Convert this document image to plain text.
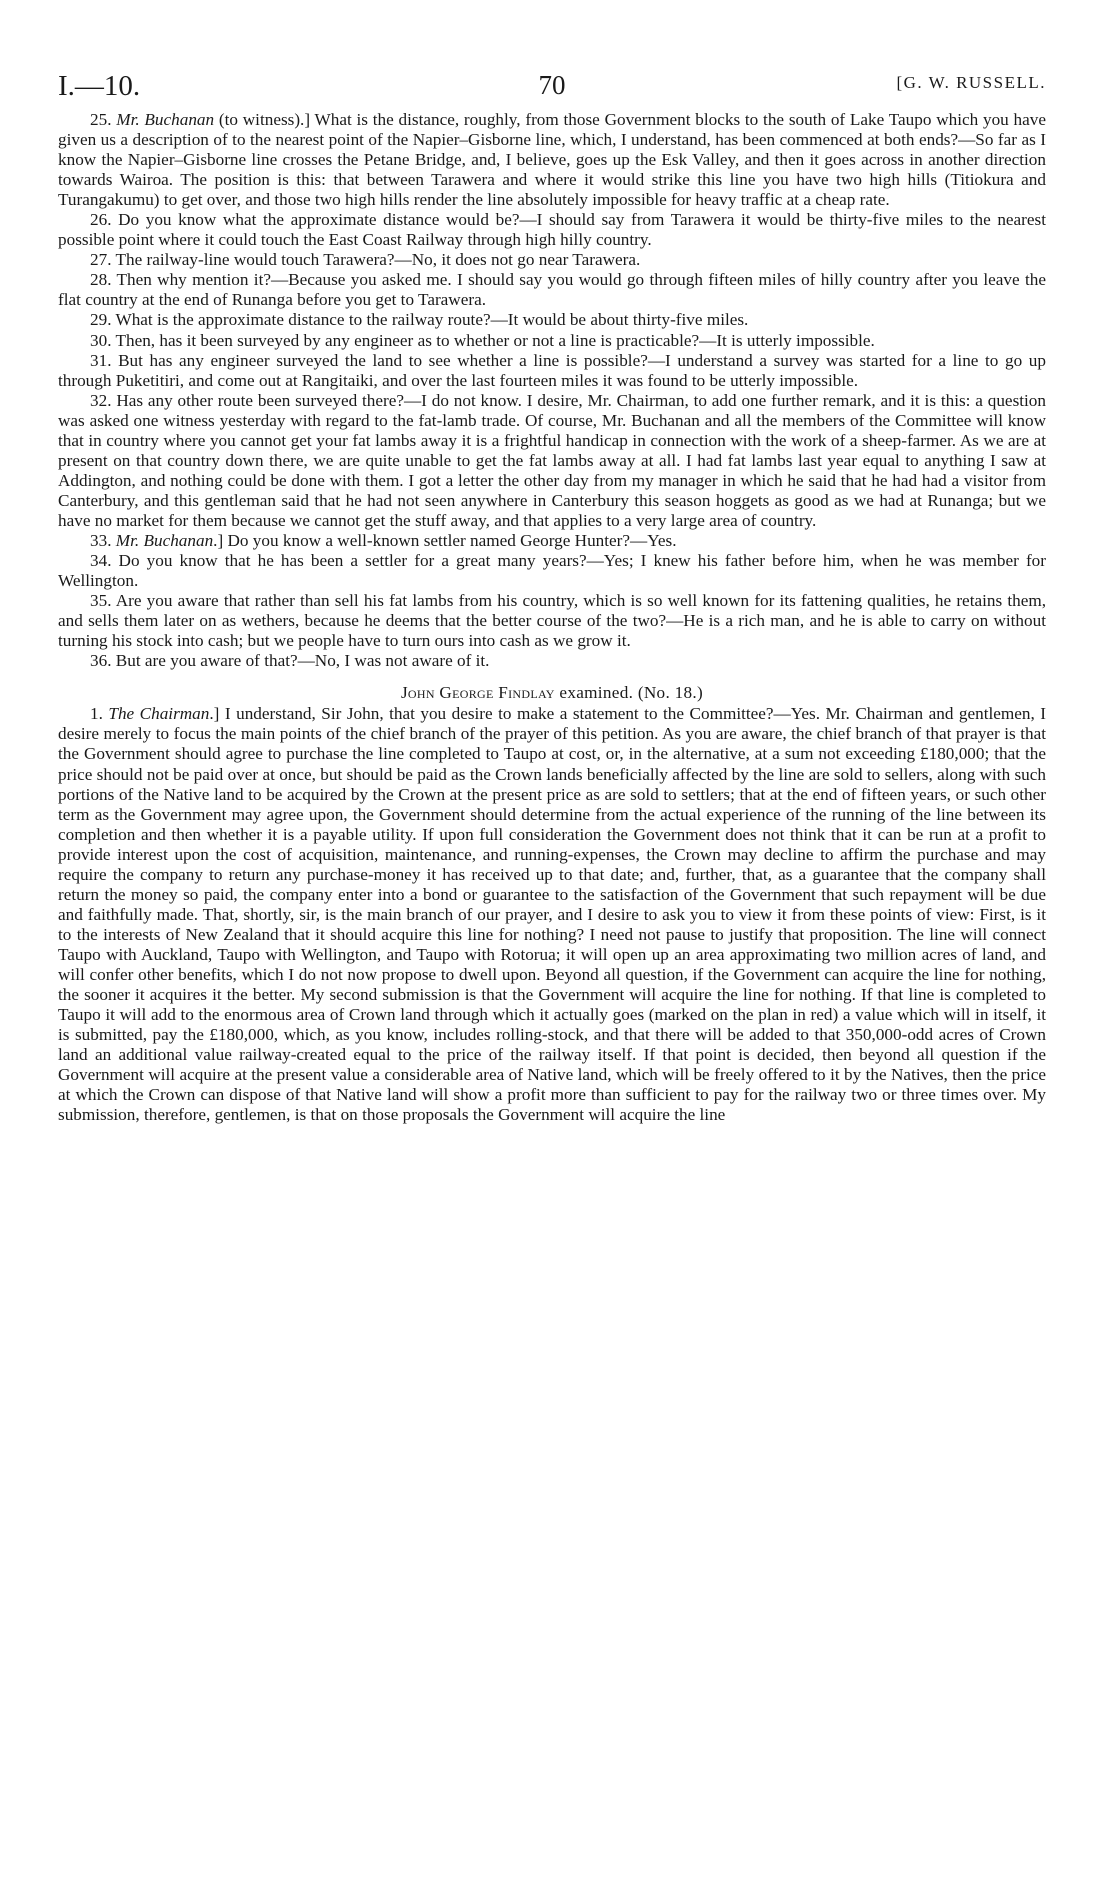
I.—10.	70	[G. W. RUSSELL.

25. Mr. Buchanan (to witness).] What is the distance, roughly, from those Government blocks to the south of Lake Taupo which you have given us a description of to the nearest point of the Napier–Gisborne line, which, I understand, has been commenced at both ends?—So far as I know the Napier–Gisborne line crosses the Petane Bridge, and, I believe, goes up the Esk Valley, and then it goes across in another direction towards Wairoa. The position is this: that between Tarawera and where it would strike this line you have two high hills (Titiokura and Turangakumu) to get over, and those two high hills render the line absolutely impossible for heavy traffic at a cheap rate.

26. Do you know what the approximate distance would be?—I should say from Tarawera it would be thirty-five miles to the nearest possible point where it could touch the East Coast Railway through high hilly country.

27. The railway-line would touch Tarawera?—No, it does not go near Tarawera.

28. Then why mention it?—Because you asked me. I should say you would go through fifteen miles of hilly country after you leave the flat country at the end of Runanga before you get to Tarawera.

29. What is the approximate distance to the railway route?—It would be about thirty-five miles.

30. Then, has it been surveyed by any engineer as to whether or not a line is practicable?—It is utterly impossible.

31. But has any engineer surveyed the land to see whether a line is possible?—I understand a survey was started for a line to go up through Puketitiri, and come out at Rangitaiki, and over the last fourteen miles it was found to be utterly impossible.

32. Has any other route been surveyed there?—I do not know. I desire, Mr. Chairman, to add one further remark, and it is this: a question was asked one witness yesterday with regard to the fat-lamb trade. Of course, Mr. Buchanan and all the members of the Committee will know that in country where you cannot get your fat lambs away it is a frightful handicap in connection with the work of a sheep-farmer. As we are at present on that country down there, we are quite unable to get the fat lambs away at all. I had fat lambs last year equal to anything I saw at Addington, and nothing could be done with them. I got a letter the other day from my manager in which he said that he had had a visitor from Canterbury, and this gentleman said that he had not seen anywhere in Canterbury this season hoggets as good as we had at Runanga; but we have no market for them because we cannot get the stuff away, and that applies to a very large area of country.

33. Mr. Buchanan.] Do you know a well-known settler named George Hunter?—Yes.

34. Do you know that he has been a settler for a great many years?—Yes; I knew his father before him, when he was member for Wellington.

35. Are you aware that rather than sell his fat lambs from his country, which is so well known for its fattening qualities, he retains them, and sells them later on as wethers, because he deems that the better course of the two?—He is a rich man, and he is able to carry on without turning his stock into cash; but we people have to turn ours into cash as we grow it.

36. But are you aware of that?—No, I was not aware of it.

John George Findlay examined. (No. 18.)

1. The Chairman.] I understand, Sir John, that you desire to make a statement to the Committee?—Yes. Mr. Chairman and gentlemen, I desire merely to focus the main points of the chief branch of the prayer of this petition. As you are aware, the chief branch of that prayer is that the Government should agree to purchase the line completed to Taupo at cost, or, in the alternative, at a sum not exceeding £180,000; that the price should not be paid over at once, but should be paid as the Crown lands beneficially affected by the line are sold to sellers, along with such portions of the Native land to be acquired by the Crown at the present price as are sold to settlers; that at the end of fifteen years, or such other term as the Government may agree upon, the Government should determine from the actual experience of the running of the line between its completion and then whether it is a payable utility. If upon full consideration the Government does not think that it can be run at a profit to provide interest upon the cost of acquisition, maintenance, and running-expenses, the Crown may decline to affirm the purchase and may require the company to return any purchase-money it has received up to that date; and, further, that, as a guarantee that the company shall return the money so paid, the company enter into a bond or guarantee to the satisfaction of the Government that such repayment will be due and faithfully made. That, shortly, sir, is the main branch of our prayer, and I desire to ask you to view it from these points of view: First, is it to the interests of New Zealand that it should acquire this line for nothing? I need not pause to justify that proposition. The line will connect Taupo with Auckland, Taupo with Wellington, and Taupo with Rotorua; it will open up an area approximating two million acres of land, and will confer other benefits, which I do not now propose to dwell upon. Beyond all question, if the Government can acquire the line for nothing, the sooner it acquires it the better. My second submission is that the Government will acquire the line for nothing. If that line is completed to Taupo it will add to the enormous area of Crown land through which it actually goes (marked on the plan in red) a value which will in itself, it is submitted, pay the £180,000, which, as you know, includes rolling-stock, and that there will be added to that 350,000-odd acres of Crown land an additional value railway-created equal to the price of the railway itself. If that point is decided, then beyond all question if the Government will acquire at the present value a considerable area of Native land, which will be freely offered to it by the Natives, then the price at which the Crown can dispose of that Native land will show a profit more than sufficient to pay for the railway two or three times over. My submission, therefore, gentlemen, is that on those proposals the Government will acquire the line
